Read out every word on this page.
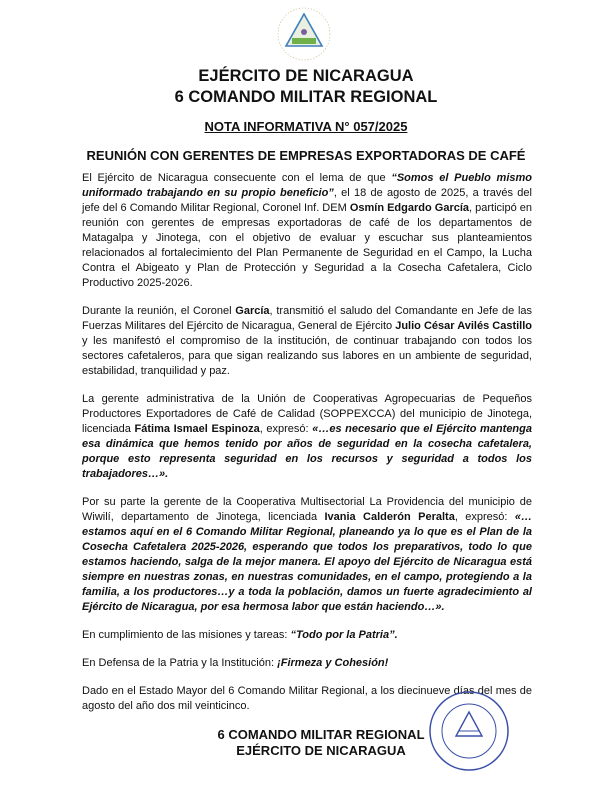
EJÉRCITO DE NICARAGUA
6 COMANDO MILITAR REGIONAL
NOTA INFORMATIVA N° 057/2025
REUNIÓN CON GERENTES DE EMPRESAS EXPORTADORAS DE CAFÉ

El Ejército de Nicaragua consecuente con el lema de que “Somos el Pueblo mismo uniformado trabajando en su propio beneficio”, el 18 de agosto de 2025, a través del jefe del 6 Comando Militar Regional, Coronel Inf. DEM Osmín Edgardo García, participó en reunión con gerentes de empresas exportadoras de café de los departamentos de Matagalpa y Jinotega, con el objetivo de evaluar y escuchar sus planteamientos relacionados al fortalecimiento del Plan Permanente de Seguridad en el Campo, la Lucha Contra el Abigeato y Plan de Protección y Seguridad a la Cosecha Cafetalera, Ciclo Productivo 2025-2026.

Durante la reunión, el Coronel García, transmitió el saludo del Comandante en Jefe de las Fuerzas Militares del Ejército de Nicaragua, General de Ejército Julio César Avilés Castillo y les manifestó el compromiso de la institución, de continuar trabajando con todos los sectores cafetaleros, para que sigan realizando sus labores en un ambiente de seguridad, estabilidad, tranquilidad y paz.

La gerente administrativa de la Unión de Cooperativas Agropecuarias de Pequeños Productores Exportadores de Café de Calidad (SOPPEXCCA) del municipio de Jinotega, licenciada Fátima Ismael Espinoza, expresó: «…es necesario que el Ejército mantenga esa dinámica que hemos tenido por años de seguridad en la cosecha cafetalera, porque esto representa seguridad en los recursos y seguridad a todos los trabajadores…».

Por su parte la gerente de la Cooperativa Multisectorial La Providencia del municipio de Wiwilí, departamento de Jinotega, licenciada Ivania Calderón Peralta, expresó: «…estamos aquí en el 6 Comando Militar Regional, planeando ya lo que es el Plan de la Cosecha Cafetalera 2025-2026, esperando que todos los preparativos, todo lo que estamos haciendo, salga de la mejor manera. El apoyo del Ejército de Nicaragua está siempre en nuestras zonas, en nuestras comunidades, en el campo, protegiendo a la familia, a los productores…y a toda la población, damos un fuerte agradecimiento al Ejército de Nicaragua, por esa hermosa labor que están haciendo…».

En cumplimiento de las misiones y tareas: “Todo por la Patria”.

En Defensa de la Patria y la Institución: ¡Firmeza y Cohesión!

Dado en el Estado Mayor del 6 Comando Militar Regional, a los diecinueve días del mes de agosto del año dos mil veinticinco.

6 COMANDO MILITAR REGIONAL
EJÉRCITO DE NICARAGUA
